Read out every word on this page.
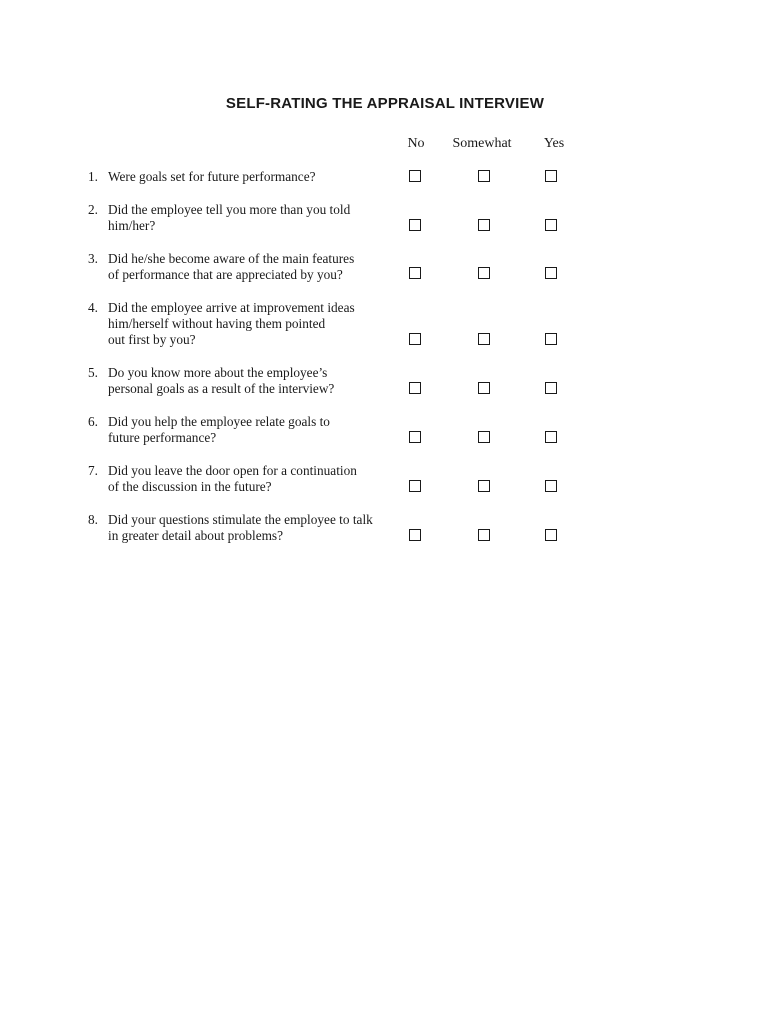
SELF-RATING THE APPRAISAL INTERVIEW
No	Somewhat	Yes
1. Were goals set for future performance?
2. Did the employee tell you more than you told
him/her?
3. Did he/she become aware of the main features
of performance that are appreciated by you?
4. Did the employee arrive at improvement ideas
him/herself without having them pointed
out first by you?
5. Do you know more about the employee’s
personal goals as a result of the interview?
6. Did you help the employee relate goals to
future performance?
7. Did you leave the door open for a continuation
of the discussion in the future?
8. Did your questions stimulate the employee to talk
in greater detail about problems?
